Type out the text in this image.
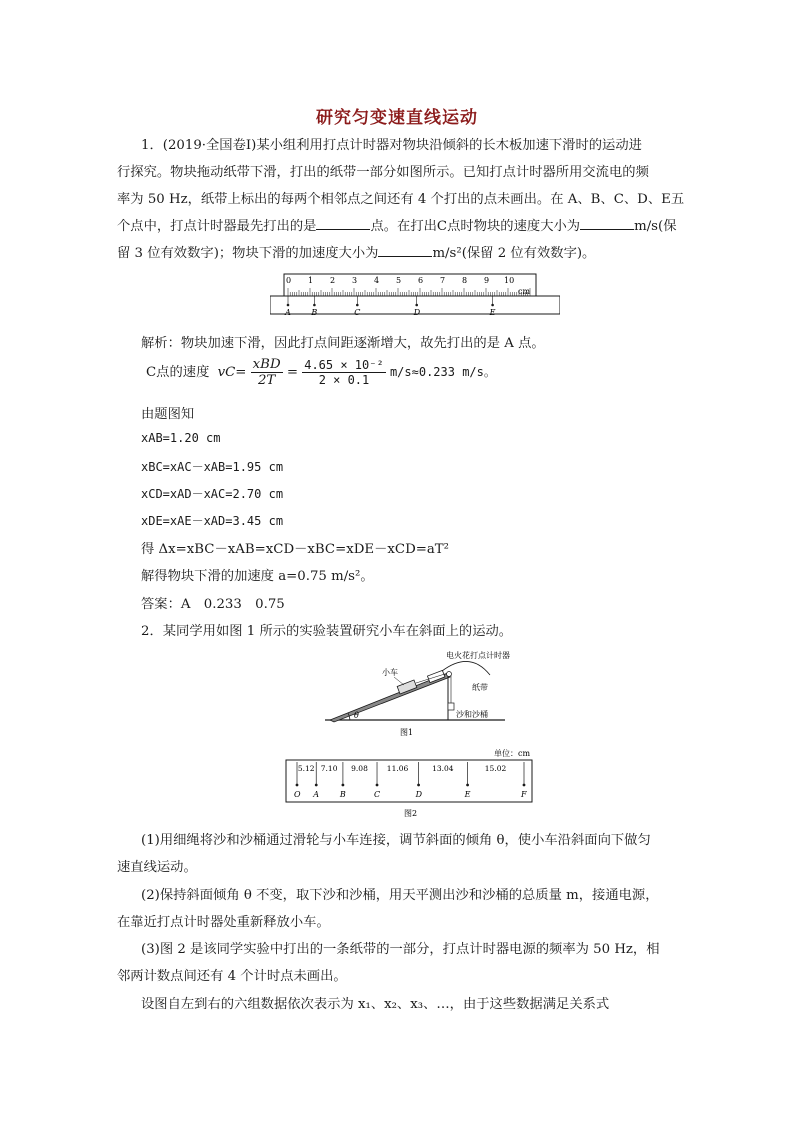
研究匀变速直线运动
1．(2019·全国卷Ⅰ)某小组利用打点计时器对物块沿倾斜的长木板加速下滑时的运动进
行探究。物块拖动纸带下滑，打出的纸带一部分如图所示。已知打点计时器所用交流电的频
率为 50 Hz，纸带上标出的每两个相邻点之间还有 4 个打出的点未画出。在 A、B、C、D、E五
个点中，打点计时器最先打出的是	点。在打出C点时物块的速度大小为	m/s(保
留 3 位有效数字)；物块下滑的加速度大小为	m/s²(保留 2 位有效数字)。
0 1 2 3 4 5 6 7 8 9 10
cm
A	B	C	D	E
解析：物块加速下滑，因此打点间距逐渐增大，故先打出的是 A 点。
C点的速度 $vC= \frac{\text{xBD}}{2T} = \frac{\text{4.65 × 10⁻²}}{2 \times 0.1} m/s\approx 0.233$ m/s。
由题图知
xAB=1.20 cm
xBC=xAC－xAB=1.95 cm
xCD=xAD－xAC=2.70 cm
xDE=xAE－xAD=3.45 cm
得 Δx=xBC－xAB=xCD－xBC=xDE－xCD=aT²
解得物块下滑的加速度 a=0.75 m/s²。
答案：A　0.233　0.75
2．某同学用如图 1 所示的实验装置研究小车在斜面上的运动。
θ
电火花打点计时器
小车
纸带
沙和沙桶
图1
单位：cm
O A	B	C	D	E	F
5.12 7.10 9.08	11.06	13.04	15.02
图2
(1)用细绳将沙和沙桶通过滑轮与小车连接，调节斜面的倾角 θ，使小车沿斜面向下做匀
速直线运动。
(2)保持斜面倾角 θ 不变，取下沙和沙桶，用天平测出沙和沙桶的总质量 m，接通电源，
在靠近打点计时器处重新释放小车。
(3)图 2 是该同学实验中打出的一条纸带的一部分，打点计时器电源的频率为 50 Hz，相
邻两计数点间还有 4 个计时点未画出。
设图自左到右的六组数据依次表示为 x₁、x₂、x₃、…，由于这些数据满足关系式
